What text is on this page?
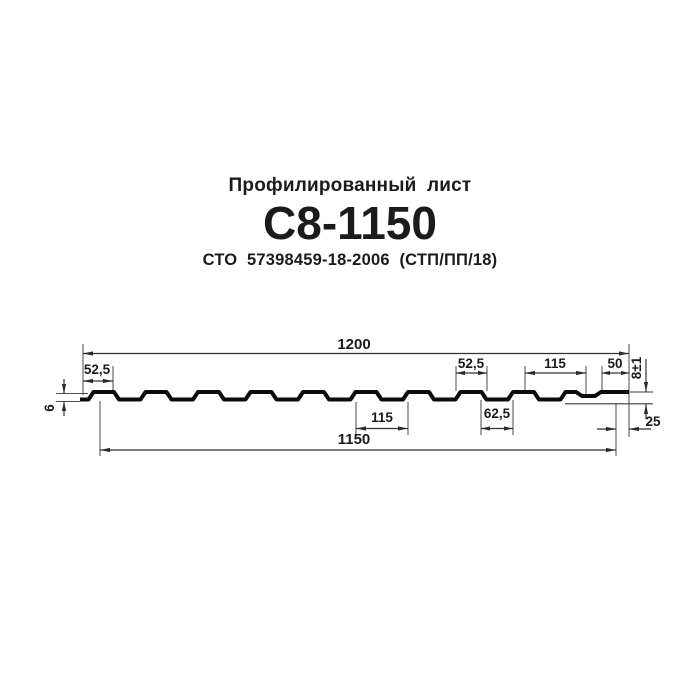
Профилированный лист
С8-1150
СТО 57398459-18-2006 (СТП/ПП/18)
1200
1150
52,5
6
115	62,5
52,5	115	50 8±1
25
